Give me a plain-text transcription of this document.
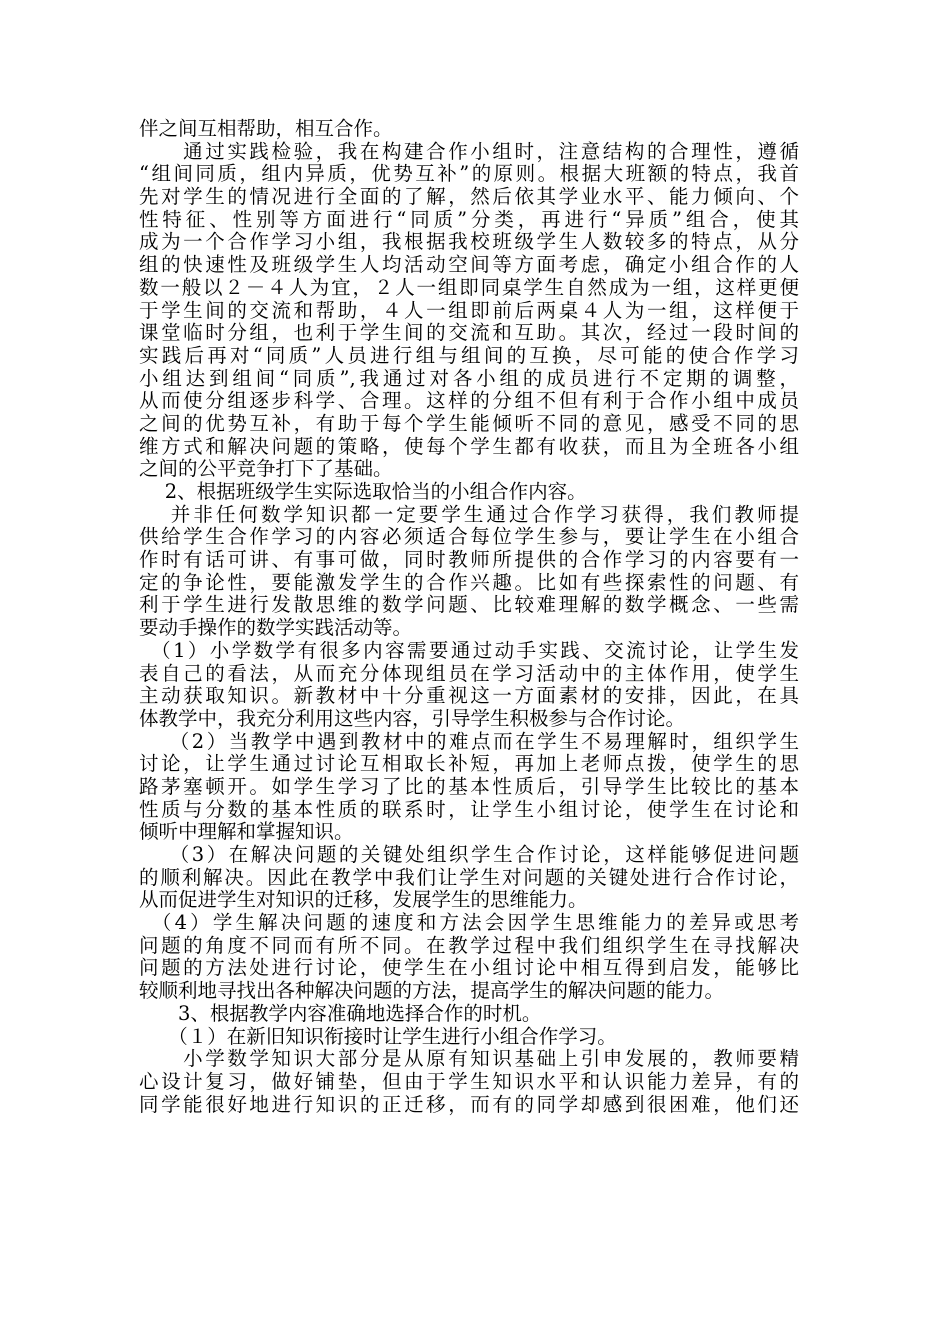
伴之间互相帮助，相互合作。
　　通过实践检验，我在构建合作小组时，注意结构的合理性，遵循
“组间同质，组内异质，优势互补”的原则。根据大班额的特点，我首
先对学生的情况进行全面的了解，然后依其学业水平、能力倾向、个
性特征、性别等方面进行“同质”分类，再进行“异质”组合，使其
成为一个合作学习小组，我根据我校班级学生人数较多的特点，从分
组的快速性及班级学生人均活动空间等方面考虑，确定小组合作的人
数一般以２－４人为宜，２人一组即同桌学生自然成为一组，这样更便
于学生间的交流和帮助，４人一组即前后两桌４人为一组，这样便于
课堂临时分组，也利于学生间的交流和互助。其次，经过一段时间的
实践后再对“同质”人员进行组与组间的互换，尽可能的使合作学习
小组达到组间“同质”,我通过对各小组的成员进行不定期的调整，
从而使分组逐步科学、合理。这样的分组不但有利于合作小组中成员
之间的优势互补，有助于每个学生能倾听不同的意见，感受不同的思
维方式和解决问题的策略，使每个学生都有收获，而且为全班各小组
之间的公平竞争打下了基础。
　 2、根据班级学生实际选取恰当的小组合作内容。
　 并非任何数学知识都一定要学生通过合作学习获得，我们教师提
供给学生合作学习的内容必须适合每位学生参与，要让学生在小组合
作时有话可讲、有事可做，同时教师所提供的合作学习的内容要有一
定的争论性，要能激发学生的合作兴趣。比如有些探索性的问题、有
利于学生进行发散思维的数学问题、比较难理解的数学概念、一些需
要动手操作的数学实践活动等。
　（1）小学数学有很多内容需要通过动手实践、交流讨论，让学生发
表自己的看法，从而充分体现组员在学习活动中的主体作用，使学生
主动获取知识。新教材中十分重视这一方面素材的安排，因此，在具
体教学中，我充分利用这些内容，引导学生积极参与合作讨论。
　 （2）当教学中遇到教材中的难点而在学生不易理解时，组织学生
讨论，让学生通过讨论互相取长补短，再加上老师点拨，使学生的思
路茅塞顿开。如学生学习了比的基本性质后，引导学生比较比的基本
性质与分数的基本性质的联系时，让学生小组讨论，使学生在讨论和
倾听中理解和掌握知识。
　 （3）在解决问题的关键处组织学生合作讨论，这样能够促进问题
的顺利解决。因此在教学中我们让学生对问题的关键处进行合作讨论，
从而促进学生对知识的迁移，发展学生的思维能力。
　（4）学生解决问题的速度和方法会因学生思维能力的差异或思考
问题的角度不同而有所不同。在教学过程中我们组织学生在寻找解决
问题的方法处进行讨论，使学生在小组讨论中相互得到启发，能够比
较顺利地寻找出各种解决问题的方法，提高学生的解决问题的能力。
　　3、根据教学内容准确地选择合作的时机。
　　（１）在新旧知识衔接时让学生进行小组合作学习。
　　小学数学知识大部分是从原有知识基础上引申发展的，教师要精
心设计复习，做好铺垫，但由于学生知识水平和认识能力差异，有的
同学能很好地进行知识的正迁移，而有的同学却感到很困难，他们还
